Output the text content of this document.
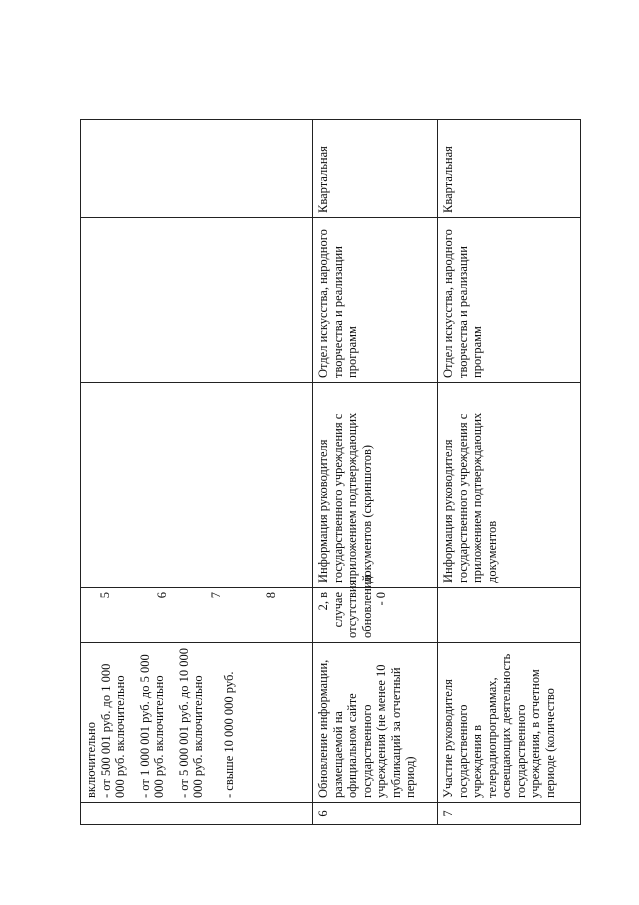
	включительно - от 500 001 руб. до 1 000 000 руб. включительно - от 1 000 001 руб. до 5 000 000 руб. включительно - от 5 000 001 руб. до 10 000 000 руб. включительно - свыше 10 000 000 руб.	5 6 7 8			

6	Обновление информации, размещаемой на официальном сайте государственного учреждения (не менее 10 публикаций за отчетный период)	2, в случае отсутствия обновлений - 0	Информация руководителя государственного учреждения с приложением подтверждающих документов (скриншотов)	Отдел искусства, народного творчества и реализации программ	Квартальная
7	Участие руководителя государственного учреждения в телерадиопрограммах, освещающих деятельность государственного учреждения, в отчетном периоде (количество		Информация руководителя государственного учреждения с приложением подтверждающих документов	Отдел искусства, народного творчества и реализации программ	Квартальная
